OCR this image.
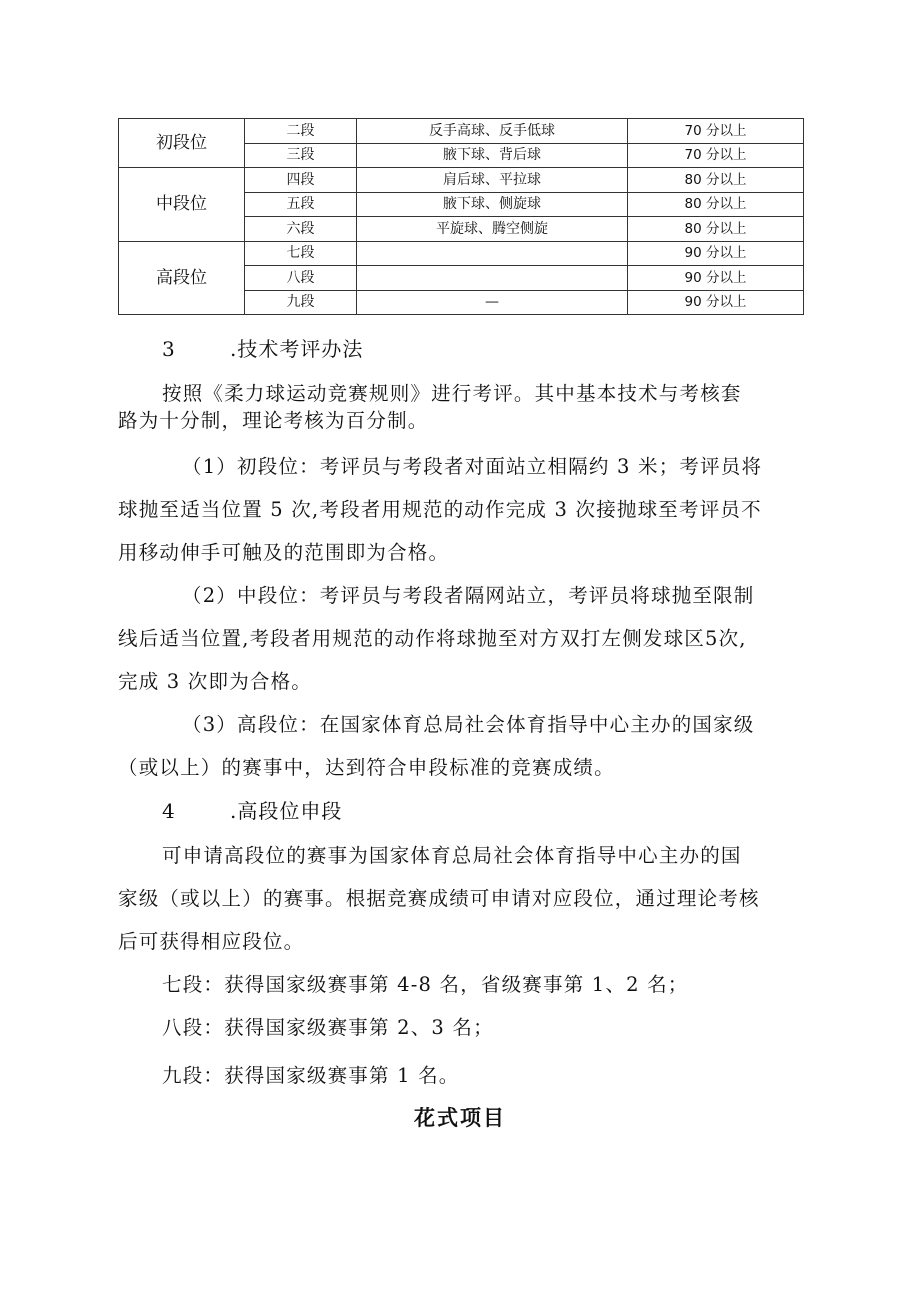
初段位	二段	反手高球、反手低球	70 分以上
	三段	腋下球、背后球	70 分以上
中段位	四段	肩后球、平拉球	80 分以上
	五段	腋下球、侧旋球	80 分以上
	六段	平旋球、腾空侧旋	80 分以上
高段位	七段		90 分以上
	八段		90 分以上
	九段	—	90 分以上
3	.技术考评办法
按照《柔力球运动竞赛规则》进行考评。其中基本技术与考核套
路为十分制，理论考核为百分制。
（1）初段位：考评员与考段者对面站立相隔约 3 米；考评员将
球抛至适当位置 5 次,考段者用规范的动作完成 3 次接抛球至考评员不
用移动伸手可触及的范围即为合格。
（2）中段位：考评员与考段者隔网站立，考评员将球抛至限制
线后适当位置,考段者用规范的动作将球抛至对方双打左侧发球区5次,
完成 3 次即为合格。
（3）高段位：在国家体育总局社会体育指导中心主办的国家级
（或以上）的赛事中，达到符合申段标准的竞赛成绩。
4	.高段位申段
可申请高段位的赛事为国家体育总局社会体育指导中心主办的国
家级（或以上）的赛事。根据竞赛成绩可申请对应段位，通过理论考核
后可获得相应段位。
七段：获得国家级赛事第 4-8 名，省级赛事第 1、2 名；
八段：获得国家级赛事第 2、3 名；
九段：获得国家级赛事第 1 名。
花式项目
